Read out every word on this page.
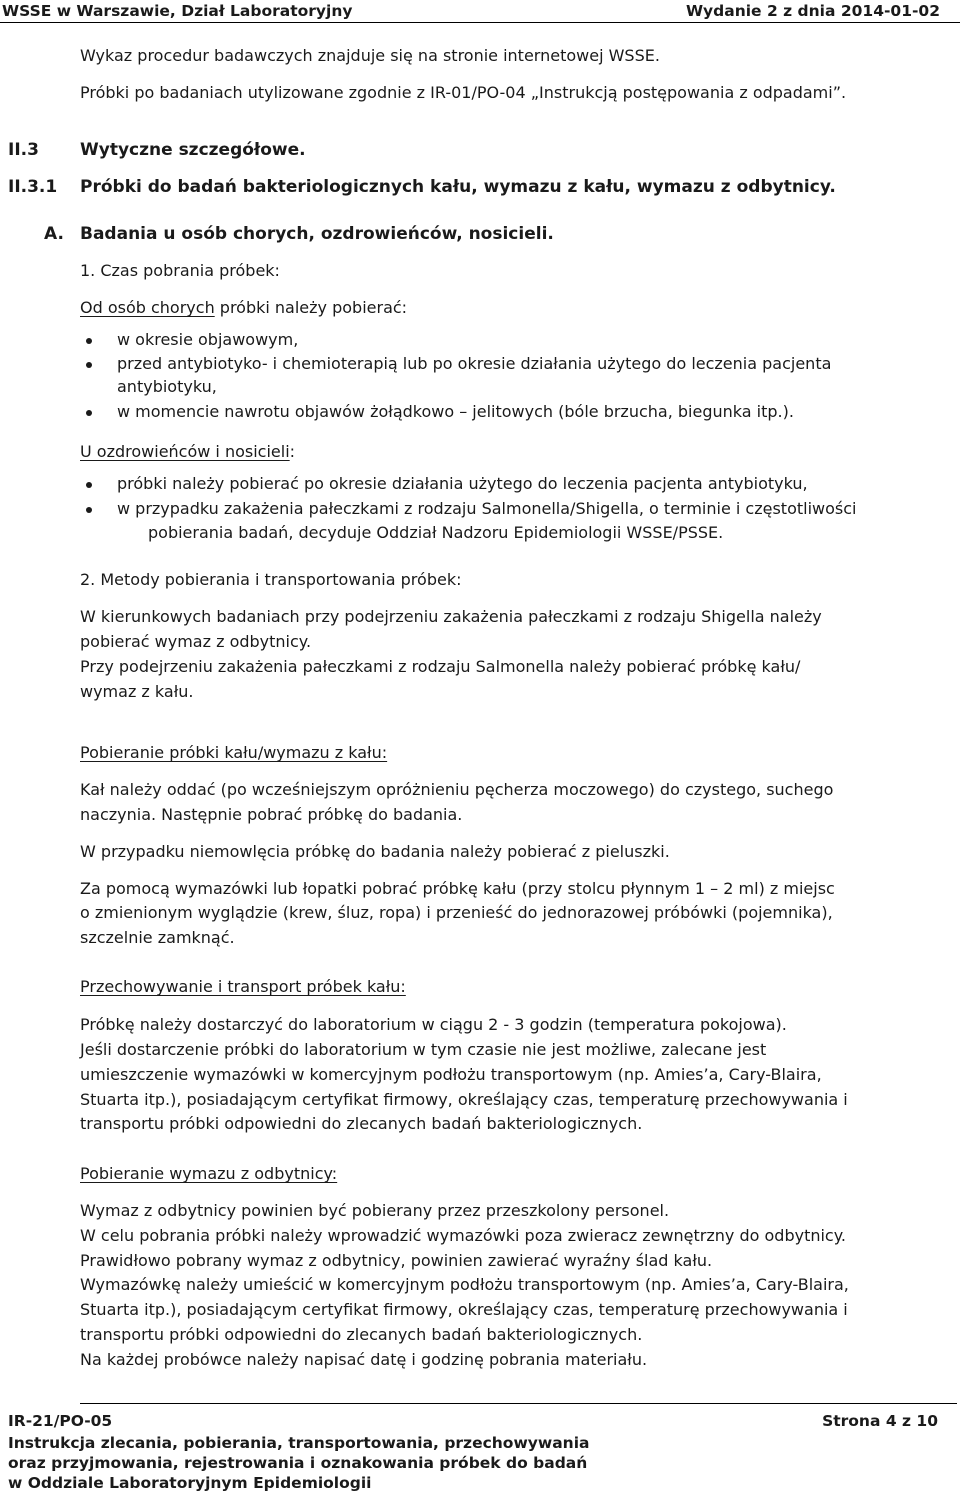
WSSE w Warszawie, Dział Laboratoryjny	Wydanie 2 z dnia 2014-01-02
Wykaz procedur badawczych znajduje się na stronie internetowej WSSE.
Próbki po badaniach utylizowane zgodnie z IR-01/PO-04 „Instrukcją postępowania z odpadami”.
II.3 Wytyczne szczegółowe.
II.3.1 Próbki do badań bakteriologicznych kału, wymazu z kału, wymazu z odbytnicy.
A. Badania u osób chorych, ozdrowieńców, nosicieli.
1. Czas pobrania próbek:
Od osób chorych próbki należy pobierać:
w okresie objawowym,
przed antybiotyko- i chemioterapią lub po okresie działania użytego do leczenia pacjenta
antybiotyku,
w momencie nawrotu objawów żołądkowo – jelitowych (bóle brzucha, biegunka itp.).
U ozdrowieńców i nosicieli:
próbki należy pobierać po okresie działania użytego do leczenia pacjenta antybiotyku,
w przypadku zakażenia pałeczkami z rodzaju Salmonella/Shigella, o terminie i częstotliwości
pobierania badań, decyduje Oddział Nadzoru Epidemiologii WSSE/PSSE.
2. Metody pobierania i transportowania próbek:
W kierunkowych badaniach przy podejrzeniu zakażenia pałeczkami z rodzaju Shigella należy
pobierać wymaz z odbytnicy.
Przy podejrzeniu zakażenia pałeczkami z rodzaju Salmonella należy pobierać próbkę kału/
wymaz z kału.
Pobieranie próbki kału/wymazu z kału:
Kał należy oddać (po wcześniejszym opróżnieniu pęcherza moczowego) do czystego, suchego
naczynia. Następnie pobrać próbkę do badania.
W przypadku niemowlęcia próbkę do badania należy pobierać z pieluszki.
Za pomocą wymazówki lub łopatki pobrać próbkę kału (przy stolcu płynnym 1 – 2 ml) z miejsc
o zmienionym wyglądzie (krew, śluz, ropa) i przenieść do jednorazowej próbówki (pojemnika),
szczelnie zamknąć.
Przechowywanie i transport próbek kału:
Próbkę należy dostarczyć do laboratorium w ciągu 2 - 3 godzin (temperatura pokojowa).
Jeśli dostarczenie próbki do laboratorium w tym czasie nie jest możliwe, zalecane jest
umieszczenie wymazówki w komercyjnym podłożu transportowym (np. Amies’a, Cary-Blaira,
Stuarta itp.), posiadającym certyfikat firmowy, określający czas, temperaturę przechowywania i
transportu próbki odpowiedni do zlecanych badań bakteriologicznych.
Pobieranie wymazu z odbytnicy:
Wymaz z odbytnicy powinien być pobierany przez przeszkolony personel.
W celu pobrania próbki należy wprowadzić wymazówki poza zwieracz zewnętrzny do odbytnicy.
Prawidłowo pobrany wymaz z odbytnicy, powinien zawierać wyraźny ślad kału.
Wymazówkę należy umieścić w komercyjnym podłożu transportowym (np. Amies’a, Cary-Blaira,
Stuarta itp.), posiadającym certyfikat firmowy, określający czas, temperaturę przechowywania i
transportu próbki odpowiedni do zlecanych badań bakteriologicznych.
Na każdej probówce należy napisać datę i godzinę pobrania materiału.
IR-21/PO-05	Strona 4 z 10
Instrukcja zlecania, pobierania, transportowania, przechowywania
oraz przyjmowania, rejestrowania i oznakowania próbek do badań
w Oddziale Laboratoryjnym Epidemiologii
